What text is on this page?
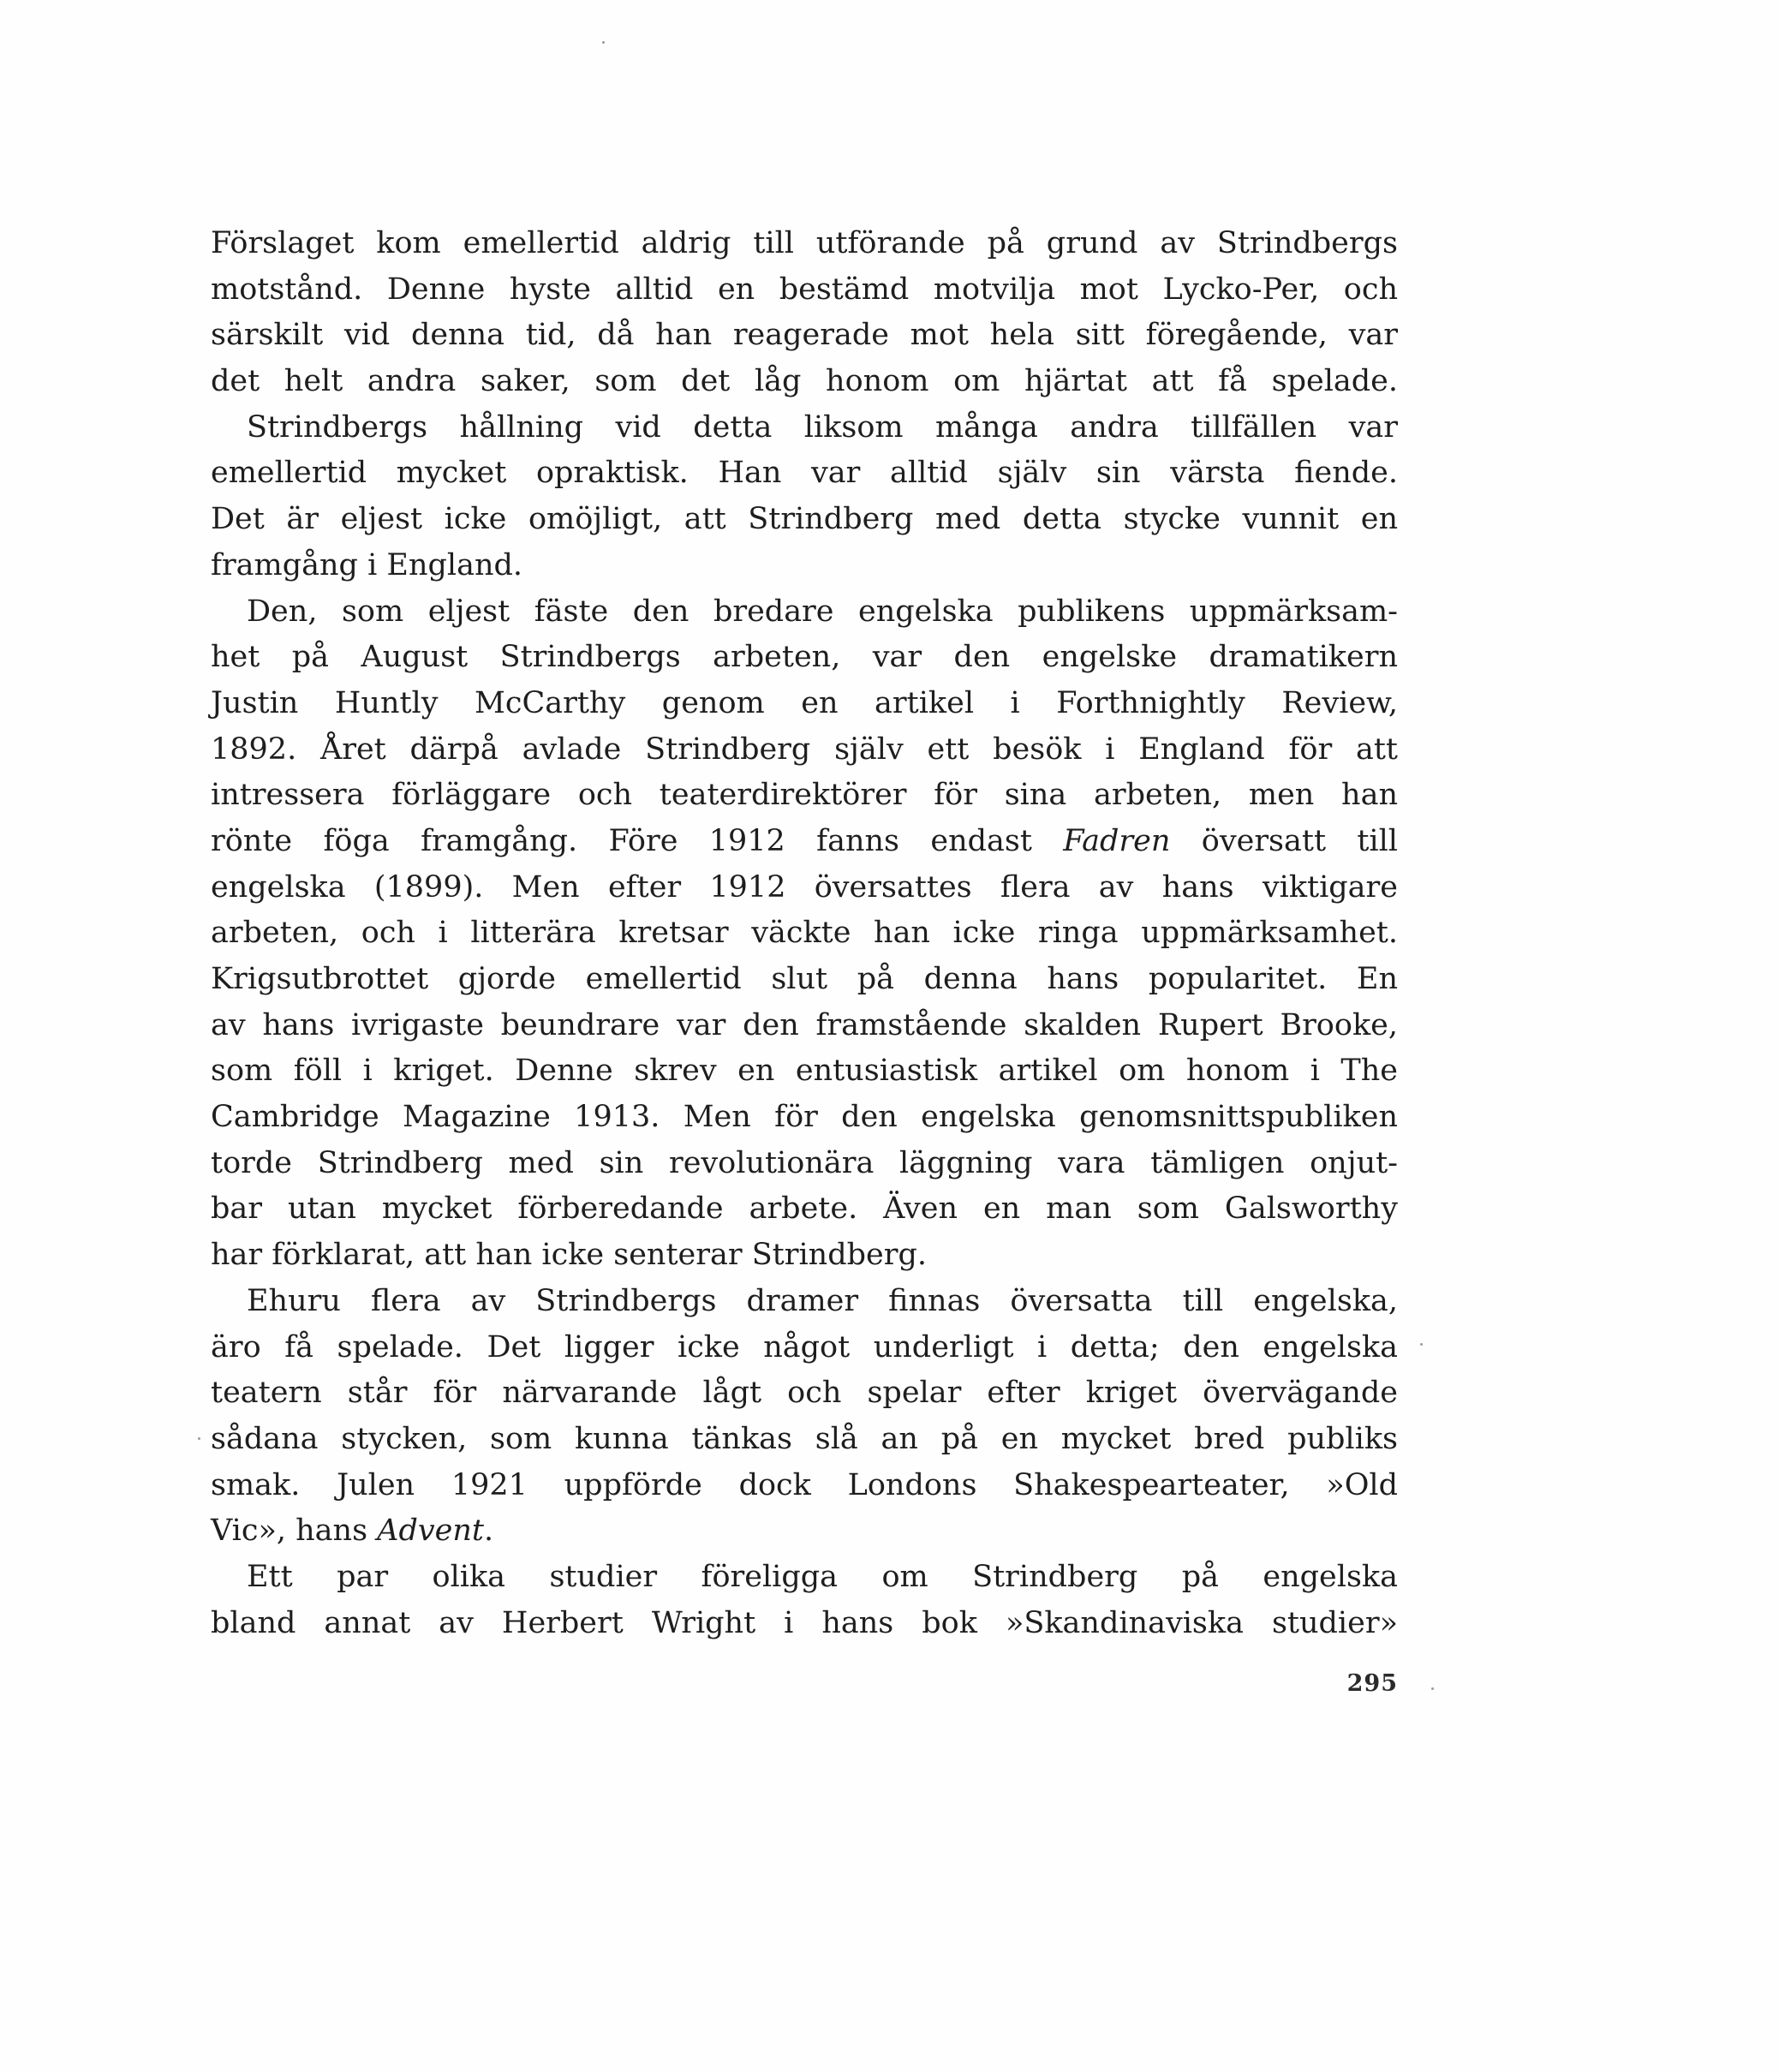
Förslaget kom emellertid aldrig till utförande på grund av Strindbergs
motstånd. Denne hyste alltid en bestämd motvilja mot Lycko-Per, och
särskilt vid denna tid, då han reagerade mot hela sitt föregående, var
det helt andra saker, som det låg honom om hjärtat att få spelade.
Strindbergs hållning vid detta liksom många andra tillfällen var
emellertid mycket opraktisk. Han var alltid själv sin värsta fiende.
Det är eljest icke omöjligt, att Strindberg med detta stycke vunnit en
framgång i England.
Den, som eljest fäste den bredare engelska publikens uppmärksam-
het på August Strindbergs arbeten, var den engelske dramatikern
Justin Huntly McCarthy genom en artikel i Forthnightly Review,
1892. Året därpå avlade Strindberg själv ett besök i England för att
intressera förläggare och teaterdirektörer för sina arbeten, men han
rönte föga framgång. Före 1912 fanns endast Fadren översatt till
engelska (1899). Men efter 1912 översattes flera av hans viktigare
arbeten, och i litterära kretsar väckte han icke ringa uppmärksamhet.
Krigsutbrottet gjorde emellertid slut på denna hans popularitet. En
av hans ivrigaste beundrare var den framstående skalden Rupert Brooke,
som föll i kriget. Denne skrev en entusiastisk artikel om honom i The
Cambridge Magazine 1913. Men för den engelska genomsnittspubliken
torde Strindberg med sin revolutionära läggning vara tämligen onjut-
bar utan mycket förberedande arbete. Även en man som Galsworthy
har förklarat, att han icke senterar Strindberg.
Ehuru flera av Strindbergs dramer finnas översatta till engelska,
äro få spelade. Det ligger icke något underligt i detta; den engelska
teatern står för närvarande lågt och spelar efter kriget övervägande
sådana stycken, som kunna tänkas slå an på en mycket bred publiks
smak. Julen 1921 uppförde dock Londons Shakespearteater, »Old
Vic», hans Advent.
Ett par olika studier föreligga om Strindberg på engelska
bland annat av Herbert Wright i hans bok »Skandinaviska studier»
295
